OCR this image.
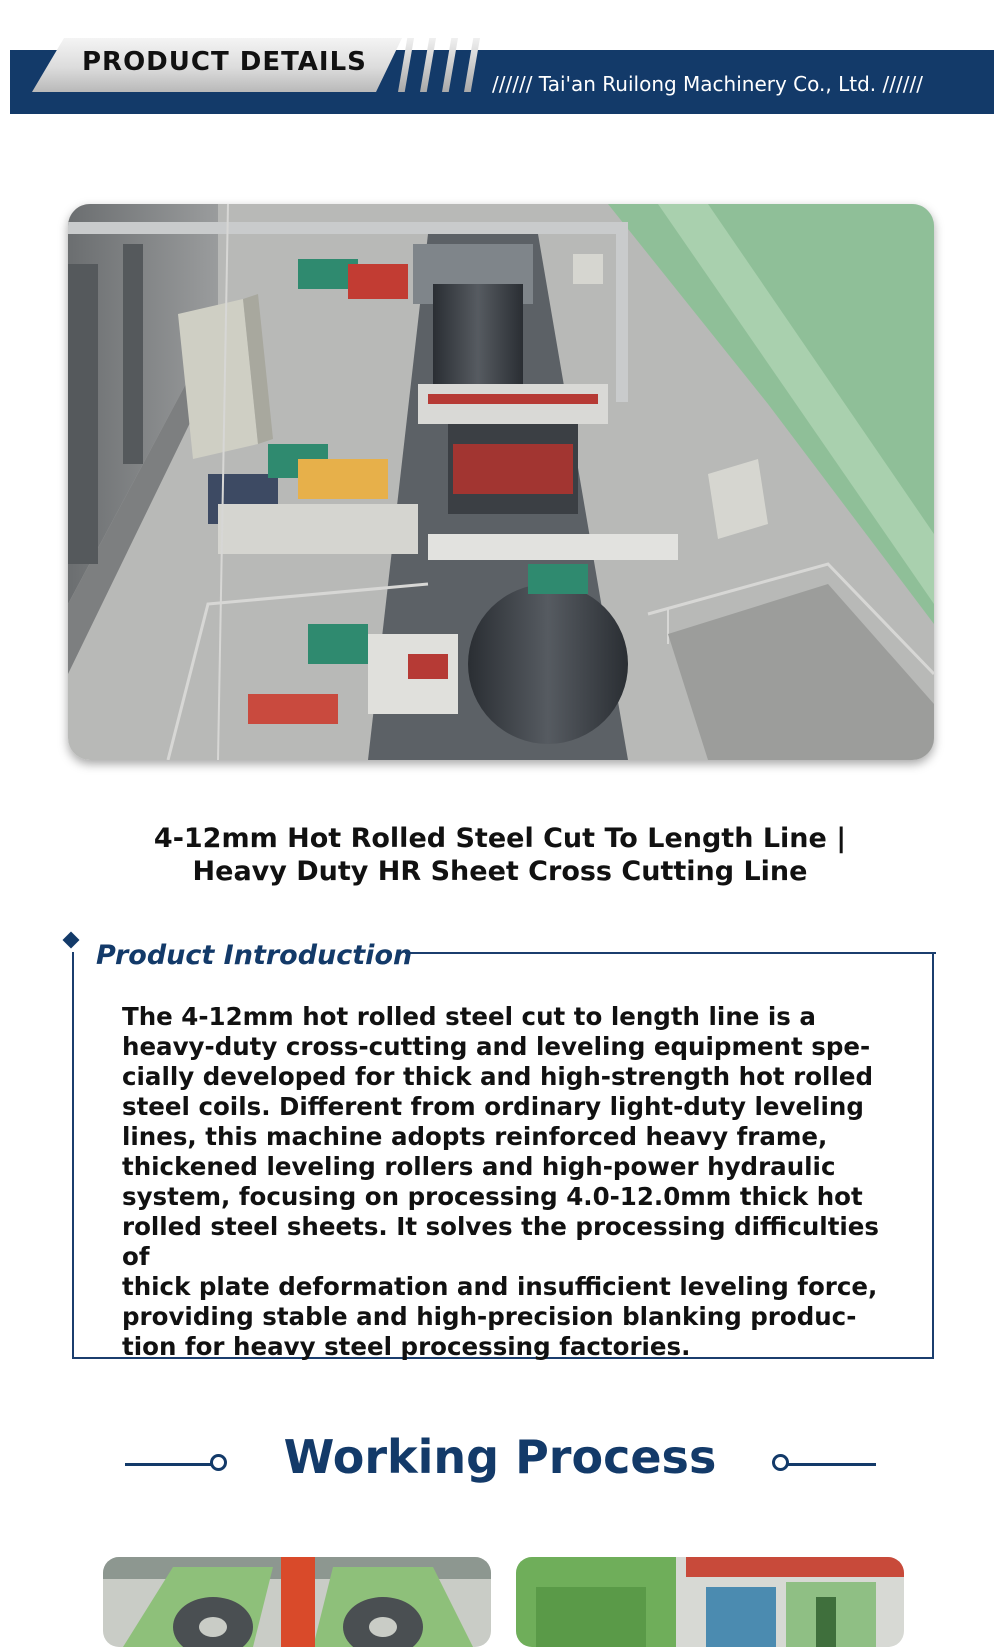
PRODUCT DETAILS
////// Tai'an Ruilong Machinery Co., Ltd. //////
4-12mm Hot Rolled Steel Cut To Length Line |
Heavy Duty HR Sheet Cross Cutting Line
Product Introduction

The 4-12mm hot rolled steel cut to length line is a
heavy-duty cross-cutting and leveling equipment spe-
cially developed for thick and high-strength hot rolled
steel coils. Different from ordinary light-duty leveling
lines, this machine adopts reinforced heavy frame,
thickened leveling rollers and high-power hydraulic
system, focusing on processing 4.0-12.0mm thick hot
rolled steel sheets. It solves the processing difficulties of
thick plate deformation and insufficient leveling force,
providing stable and high-precision blanking produc-
tion for heavy steel processing factories.

Working Process
